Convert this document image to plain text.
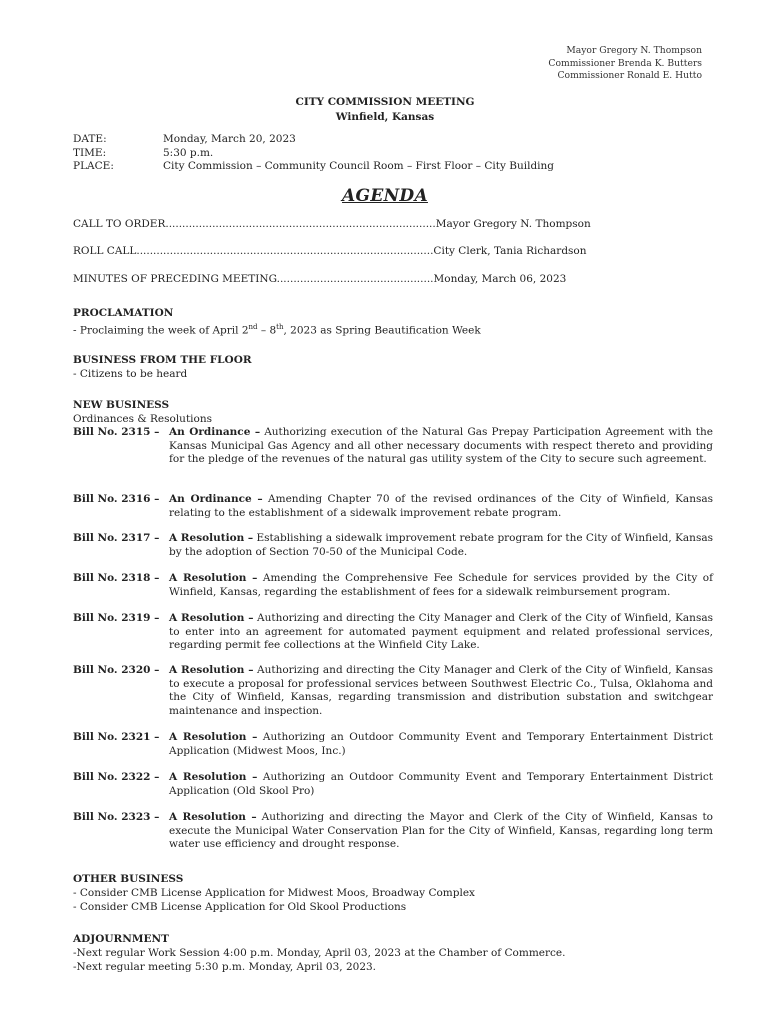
Mayor Gregory N. Thompson
Commissioner Brenda K. Butters
Commissioner Ronald E. Hutto
CITY COMMISSION MEETING
Winfield, Kansas
DATE:	Monday, March 20, 2023
TIME:	5:30 p.m.
PLACE:	City Commission – Community Council Room – First Floor – City Building
AGENDA
CALL TO ORDER.................................................................................Mayor Gregory N. Thompson
ROLL CALL.........................................................................................City Clerk, Tania Richardson
MINUTES OF PRECEDING MEETING...............................................Monday, March 06, 2023
PROCLAMATION
- Proclaiming the week of April 2nd – 8th, 2023 as Spring Beautification Week
BUSINESS FROM THE FLOOR
- Citizens to be heard
NEW BUSINESS
Ordinances & Resolutions
Bill No. 2315 – An Ordinance – Authorizing execution of the Natural Gas Prepay Participation Agreement with the Kansas Municipal Gas Agency and all other necessary documents with respect thereto and providing for the pledge of the revenues of the natural gas utility system of the City to secure such agreement.
Bill No. 2316 – An Ordinance – Amending Chapter 70 of the revised ordinances of the City of Winfield, Kansas relating to the establishment of a sidewalk improvement rebate program.
Bill No. 2317 – A Resolution – Establishing a sidewalk improvement rebate program for the City of Winfield, Kansas by the adoption of Section 70-50 of the Municipal Code.
Bill No. 2318 – A Resolution – Amending the Comprehensive Fee Schedule for services provided by the City of Winfield, Kansas, regarding the establishment of fees for a sidewalk reimbursement program.
Bill No. 2319 – A Resolution – Authorizing and directing the City Manager and Clerk of the City of Winfield, Kansas to enter into an agreement for automated payment equipment and related professional services, regarding permit fee collections at the Winfield City Lake.
Bill No. 2320 – A Resolution – Authorizing and directing the City Manager and Clerk of the City of Winfield, Kansas to execute a proposal for professional services between Southwest Electric Co., Tulsa, Oklahoma and the City of Winfield, Kansas, regarding transmission and distribution substation and switchgear maintenance and inspection.
Bill No. 2321 – A Resolution – Authorizing an Outdoor Community Event and Temporary Entertainment District Application (Midwest Moos, Inc.)
Bill No. 2322 – A Resolution – Authorizing an Outdoor Community Event and Temporary Entertainment District Application (Old Skool Pro)
Bill No. 2323 – A Resolution – Authorizing and directing the Mayor and Clerk of the City of Winfield, Kansas to execute the Municipal Water Conservation Plan for the City of Winfield, Kansas, regarding long term water use efficiency and drought response.
OTHER BUSINESS
- Consider CMB License Application for Midwest Moos, Broadway Complex
- Consider CMB License Application for Old Skool Productions
ADJOURNMENT
-Next regular Work Session 4:00 p.m. Monday, April 03, 2023 at the Chamber of Commerce.
-Next regular meeting 5:30 p.m. Monday, April 03, 2023.
